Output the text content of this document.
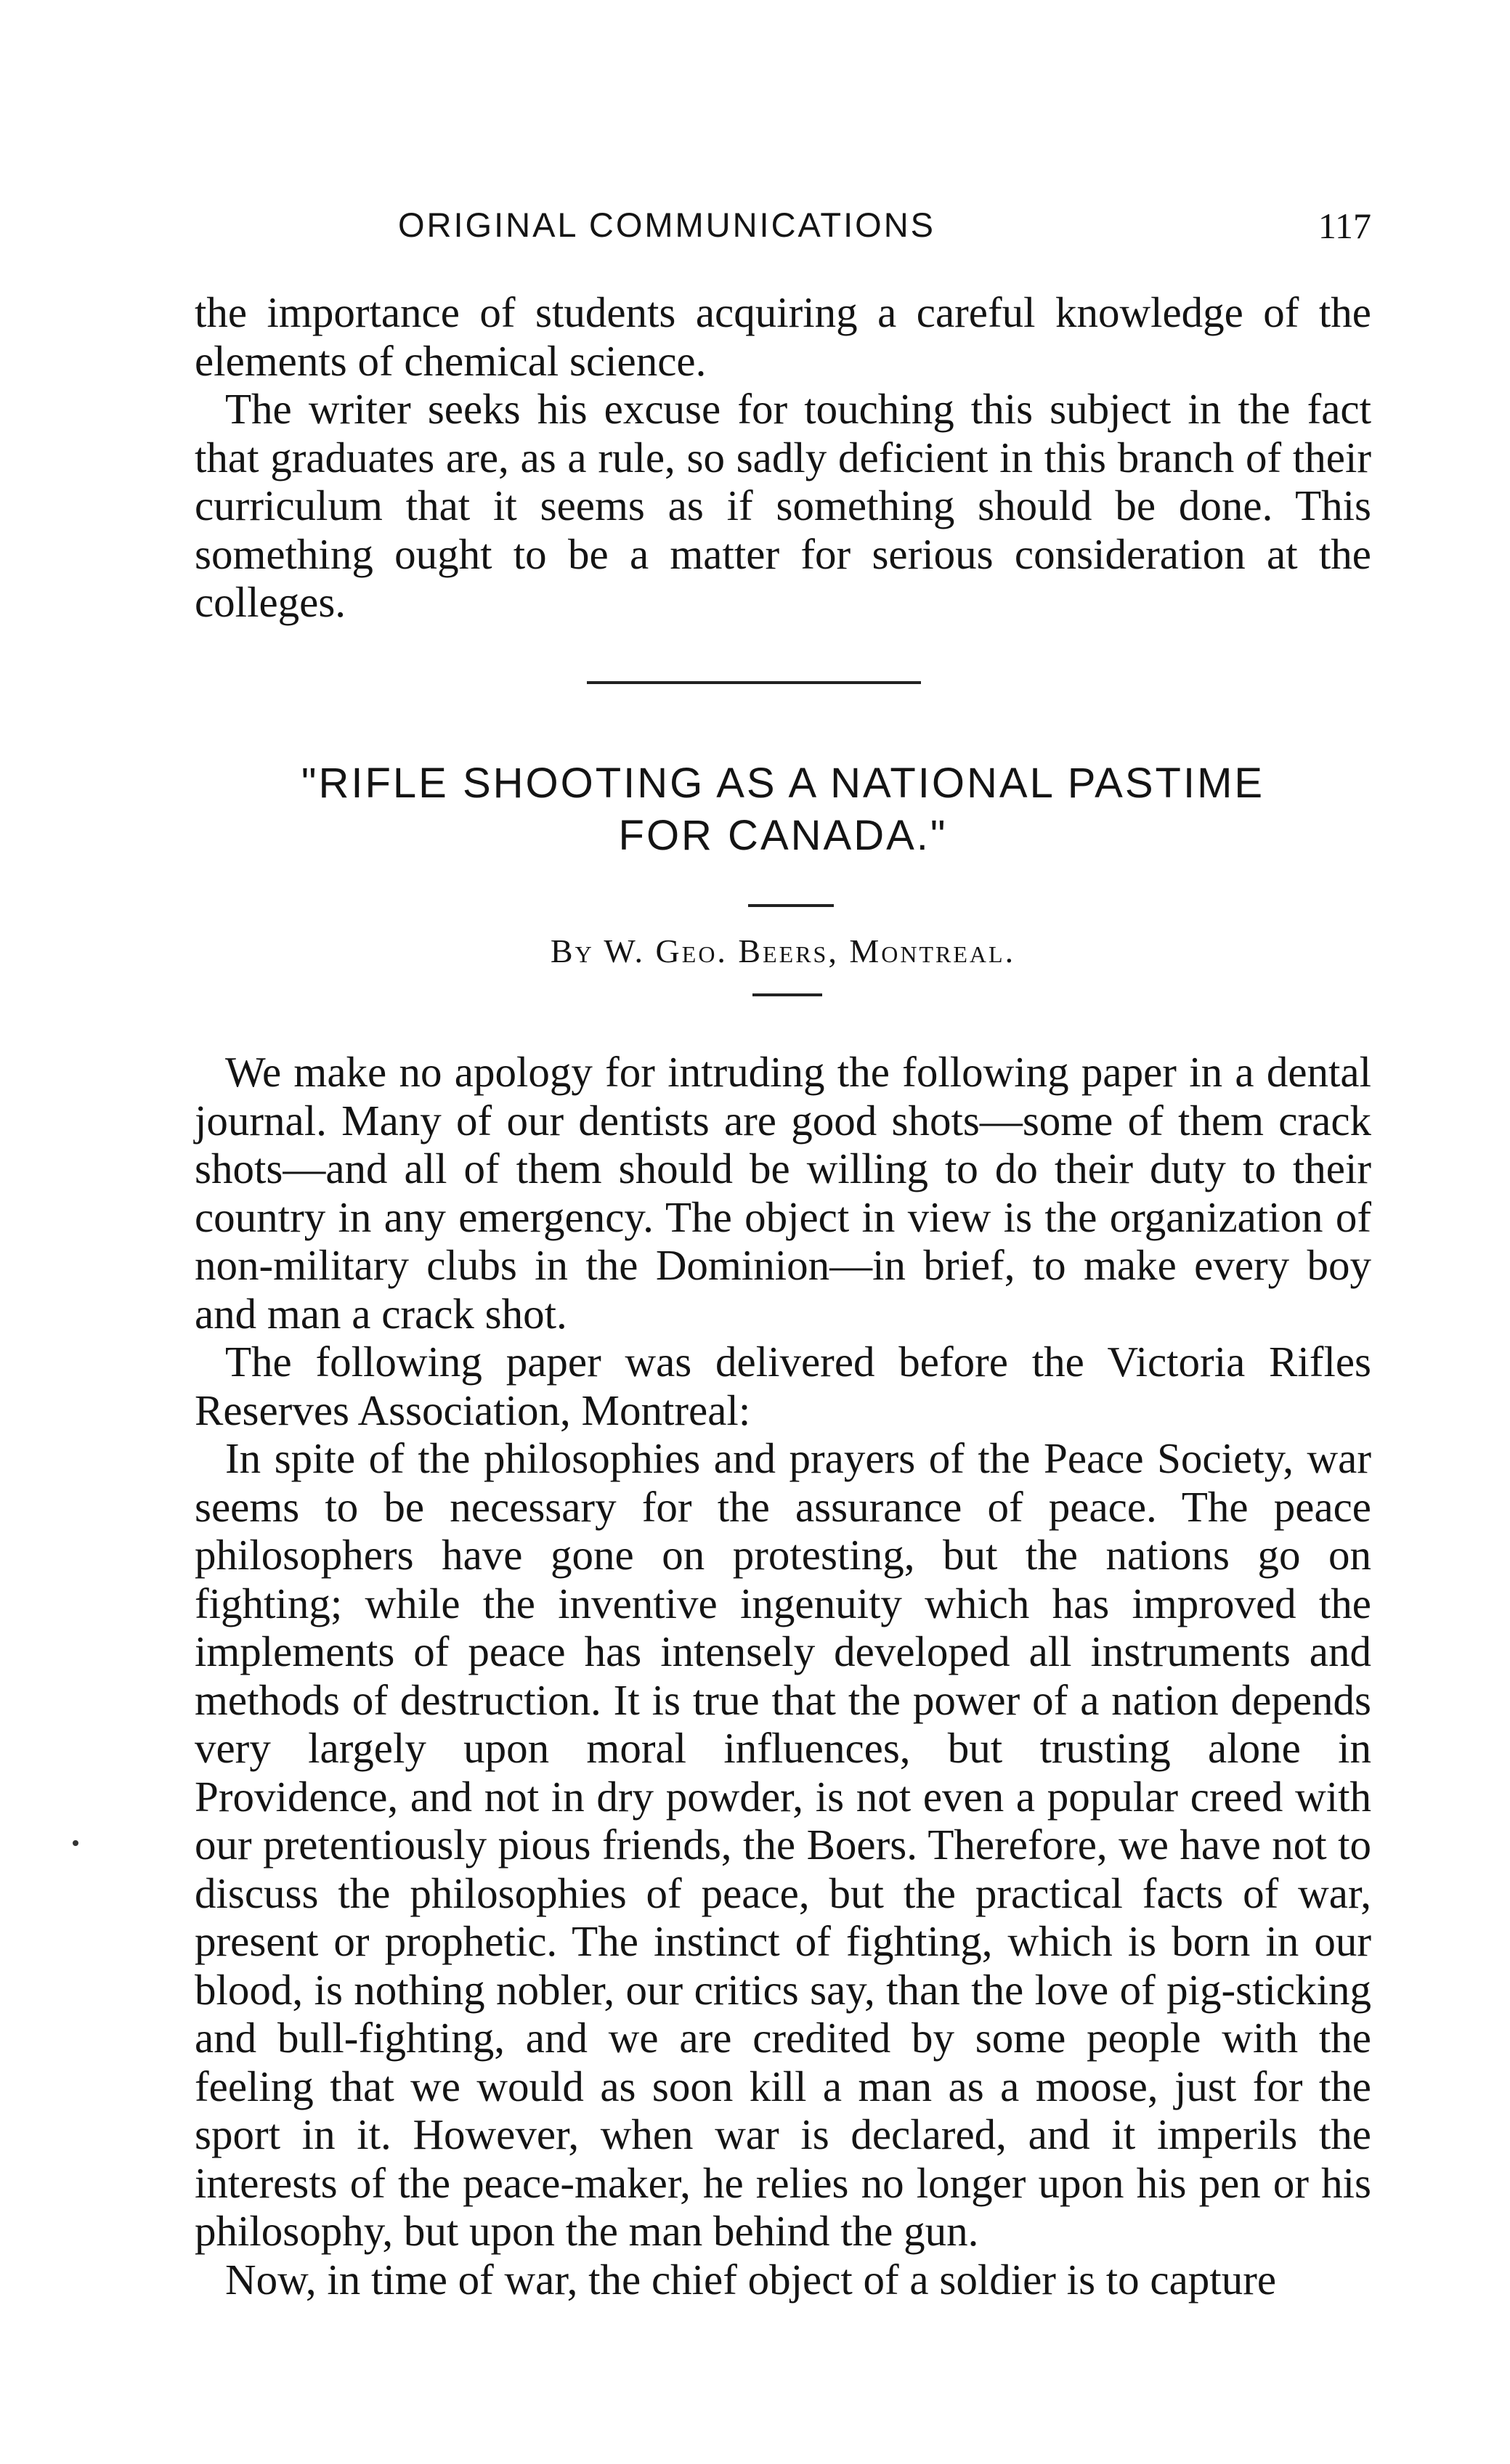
ORIGINAL COMMUNICATIONS	117

the importance of students acquiring a careful knowledge of the elements of chemical science.

The writer seeks his excuse for touching this subject in the fact that graduates are, as a rule, so sadly deficient in this branch of their curriculum that it seems as if something should be done. This something ought to be a matter for serious consideration at the colleges.

"RIFLE SHOOTING AS A NATIONAL PASTIME
FOR CANADA."
By W. Geo. Beers, Montreal.

We make no apology for intruding the following paper in a dental journal. Many of our dentists are good shots—some of them crack shots—and all of them should be willing to do their duty to their country in any emergency. The object in view is the organization of non-military clubs in the Dominion—in brief, to make every boy and man a crack shot.

The following paper was delivered before the Victoria Rifles Reserves Association, Montreal:

In spite of the philosophies and prayers of the Peace Society, war seems to be necessary for the assurance of peace. The peace philosophers have gone on protesting, but the nations go on fighting; while the inventive ingenuity which has improved the implements of peace has intensely developed all instruments and methods of destruction. It is true that the power of a nation depends very largely upon moral influences, but trusting alone in Providence, and not in dry powder, is not even a popular creed with our pretentiously pious friends, the Boers. Therefore, we have not to discuss the philosophies of peace, but the practical facts of war, present or prophetic. The instinct of fighting, which is born in our blood, is nothing nobler, our critics say, than the love of pig-sticking and bull-fighting, and we are credited by some people with the feeling that we would as soon kill a man as a moose, just for the sport in it. However, when war is declared, and it imperils the interests of the peace-maker, he relies no longer upon his pen or his philosophy, but upon the man behind the gun.

Now, in time of war, the chief object of a soldier is to capture
